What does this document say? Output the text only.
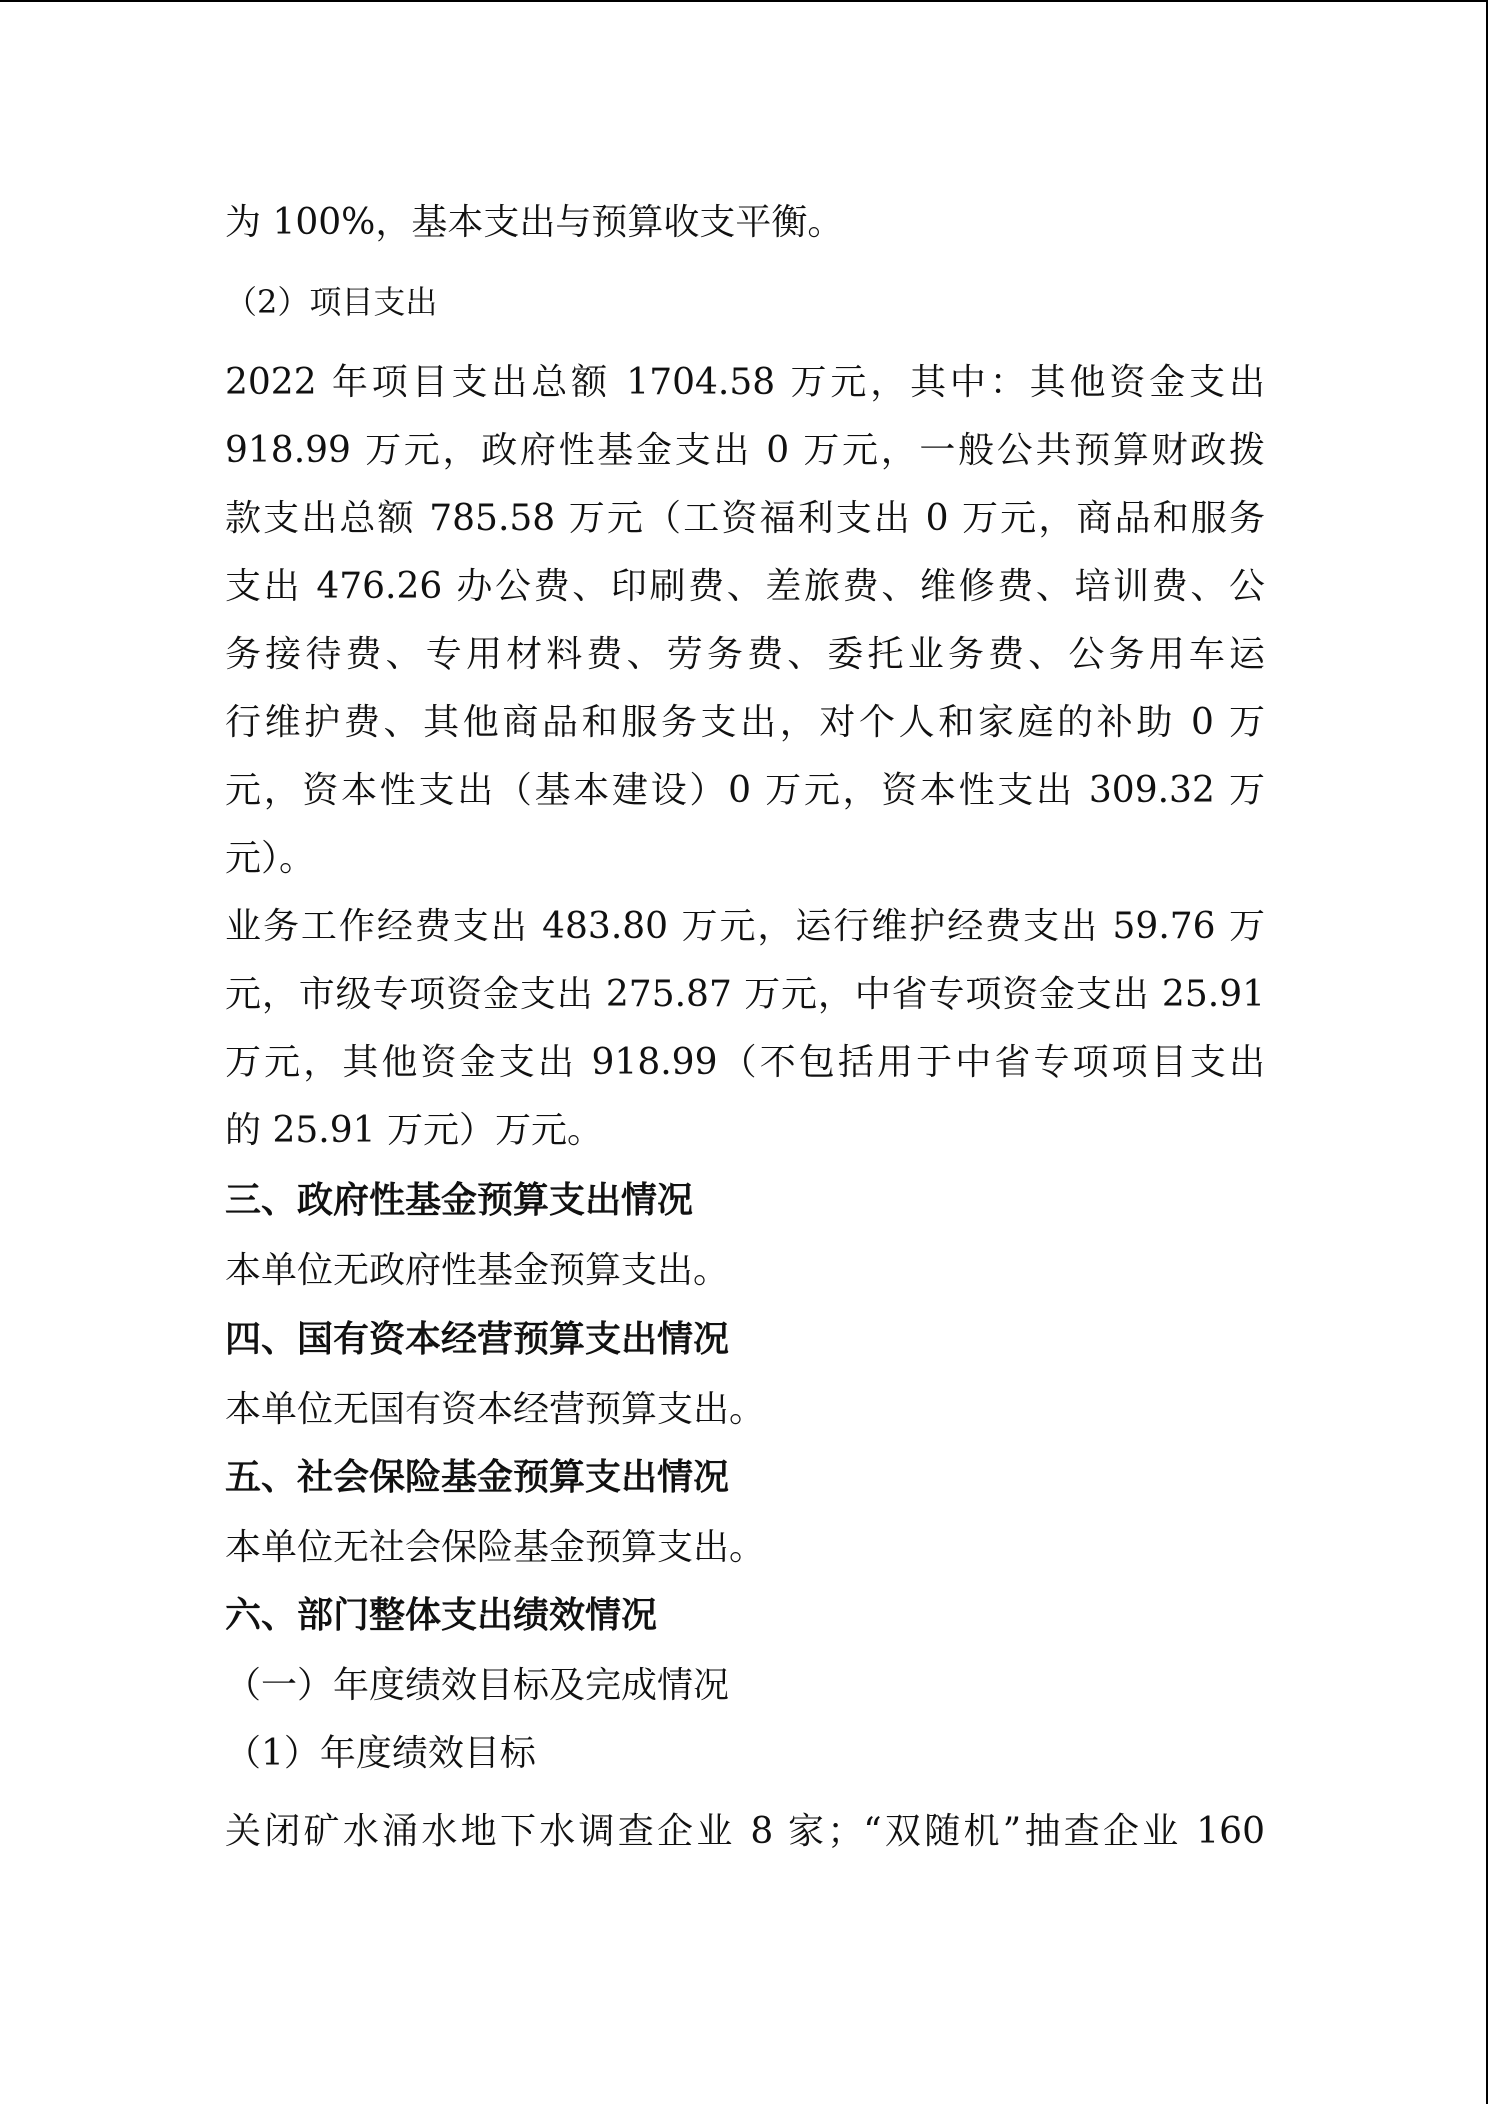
为 100%，基本支出与预算收支平衡。
（2）项目支出
2022 年项目支出总额 1704.58 万元，其中：其他资金支出
918.99 万元，政府性基金支出 0 万元，一般公共预算财政拨
款支出总额 785.58 万元（工资福利支出 0 万元，商品和服务
支出 476.26 办公费、印刷费、差旅费、维修费、培训费、公
务接待费、专用材料费、劳务费、委托业务费、公务用车运
行维护费、其他商品和服务支出，对个人和家庭的补助 0 万
元，资本性支出（基本建设）0 万元，资本性支出 309.32 万
元）。
业务工作经费支出 483.80 万元，运行维护经费支出 59.76 万
元，市级专项资金支出 275.87 万元，中省专项资金支出 25.91
万元，其他资金支出 918.99（不包括用于中省专项项目支出
的 25.91 万元）万元。
三、政府性基金预算支出情况
本单位无政府性基金预算支出。
四、国有资本经营预算支出情况
本单位无国有资本经营预算支出。
五、社会保险基金预算支出情况
本单位无社会保险基金预算支出。
六、部门整体支出绩效情况
（一）年度绩效目标及完成情况
（1）年度绩效目标
关闭矿水涌水地下水调查企业 8 家；“双随机”抽查企业 160
